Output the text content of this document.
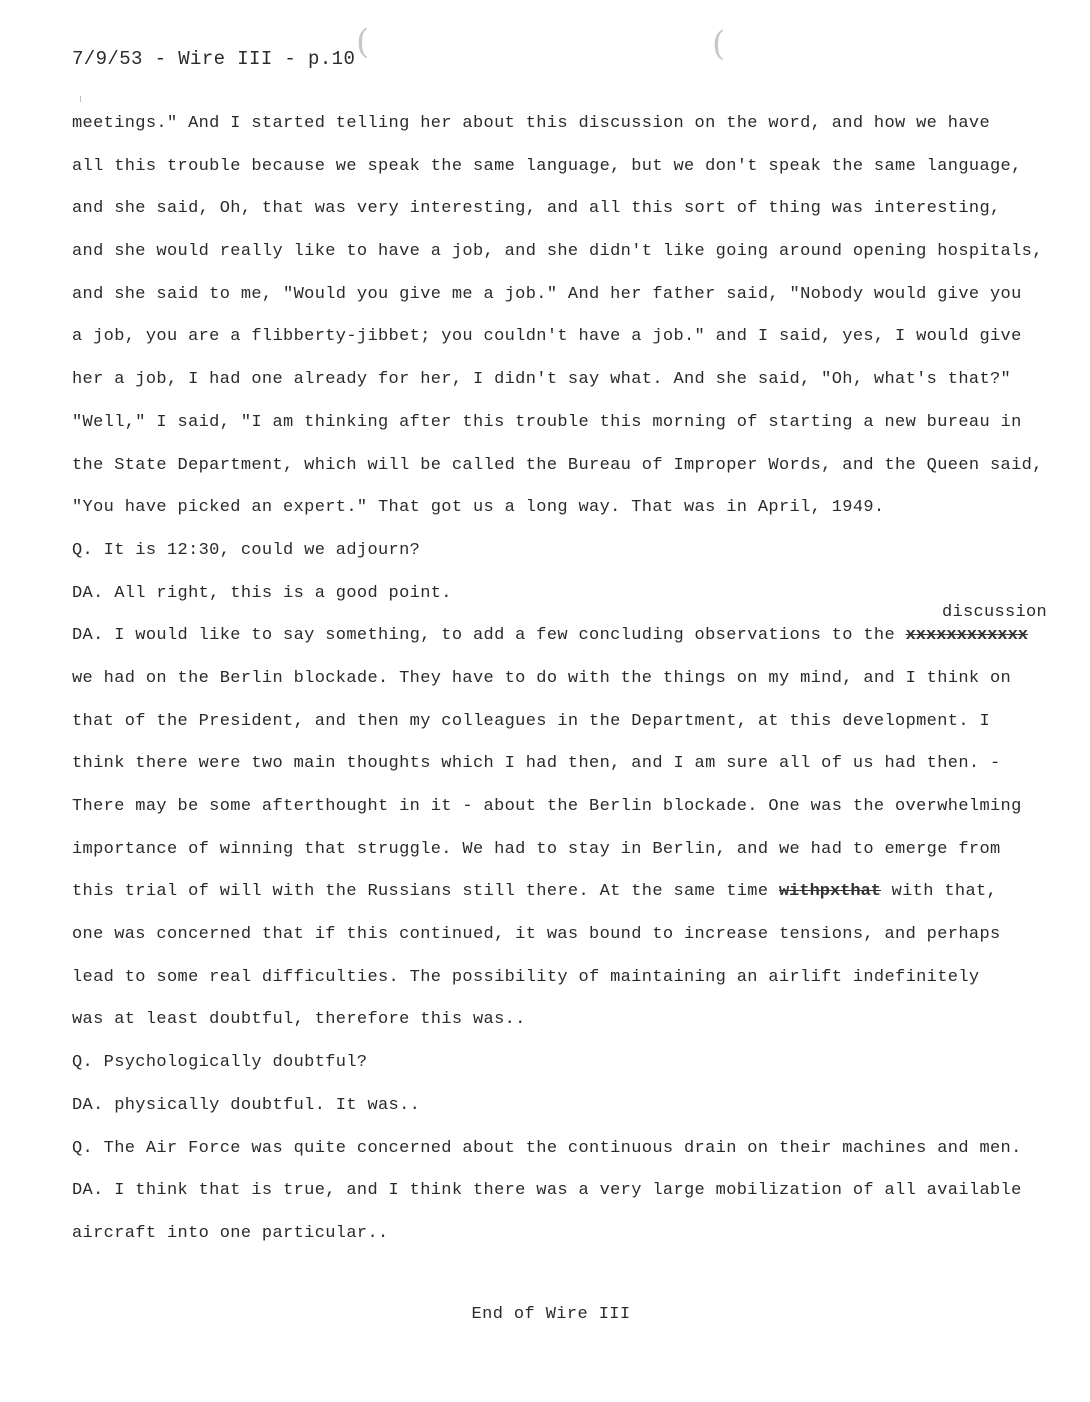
7/9/53 - Wire III - p.10 (	(
discussion
meetings." And I started telling her about this discussion on the word, and how we have
all this trouble because we speak the same language, but we don't speak the same language,
and she said, Oh, that was very interesting, and all this sort of thing was interesting,
and she would really like to have a job, and she didn't like going around opening hospitals,
and she said to me, "Would you give me a job." And her father said, "Nobody would give you
a job, you are a flibberty-jibbet; you couldn't have a job." and I said, yes, I would give
her a job, I had one already for her, I didn't say what. And she said, "Oh, what's that?"
"Well," I said, "I am thinking after this trouble this morning of starting a new bureau in
the State Department, which will be called the Bureau of Improper Words, and the Queen said,
"You have picked an expert." That got us a long way. That was in April, 1949.
Q. It is 12:30, could we adjourn?
DA. All right, this is a good point.
DA. I would like to say something, to add a few concluding observations to the xxxxxxxxxxxx
we had on the Berlin blockade. They have to do with the things on my mind, and I think on
that of the President, and then my colleagues in the Department, at this development. I
think there were two main thoughts which I had then, and I am sure all of us had then. -
There may be some afterthought in it - about the Berlin blockade. One was the overwhelming
importance of winning that struggle. We had to stay in Berlin, and we had to emerge from
this trial of will with the Russians still there. At the same time withpxthat with that,
one was concerned that if this continued, it was bound to increase tensions, and perhaps
lead to some real difficulties. The possibility of maintaining an airlift indefinitely
was at least doubtful, therefore this was..
Q. Psychologically doubtful?
DA. physically doubtful. It was..
Q. The Air Force was quite concerned about the continuous drain on their machines and men.
DA. I think that is true, and I think there was a very large mobilization of all available
aircraft into one particular..
End of Wire III
